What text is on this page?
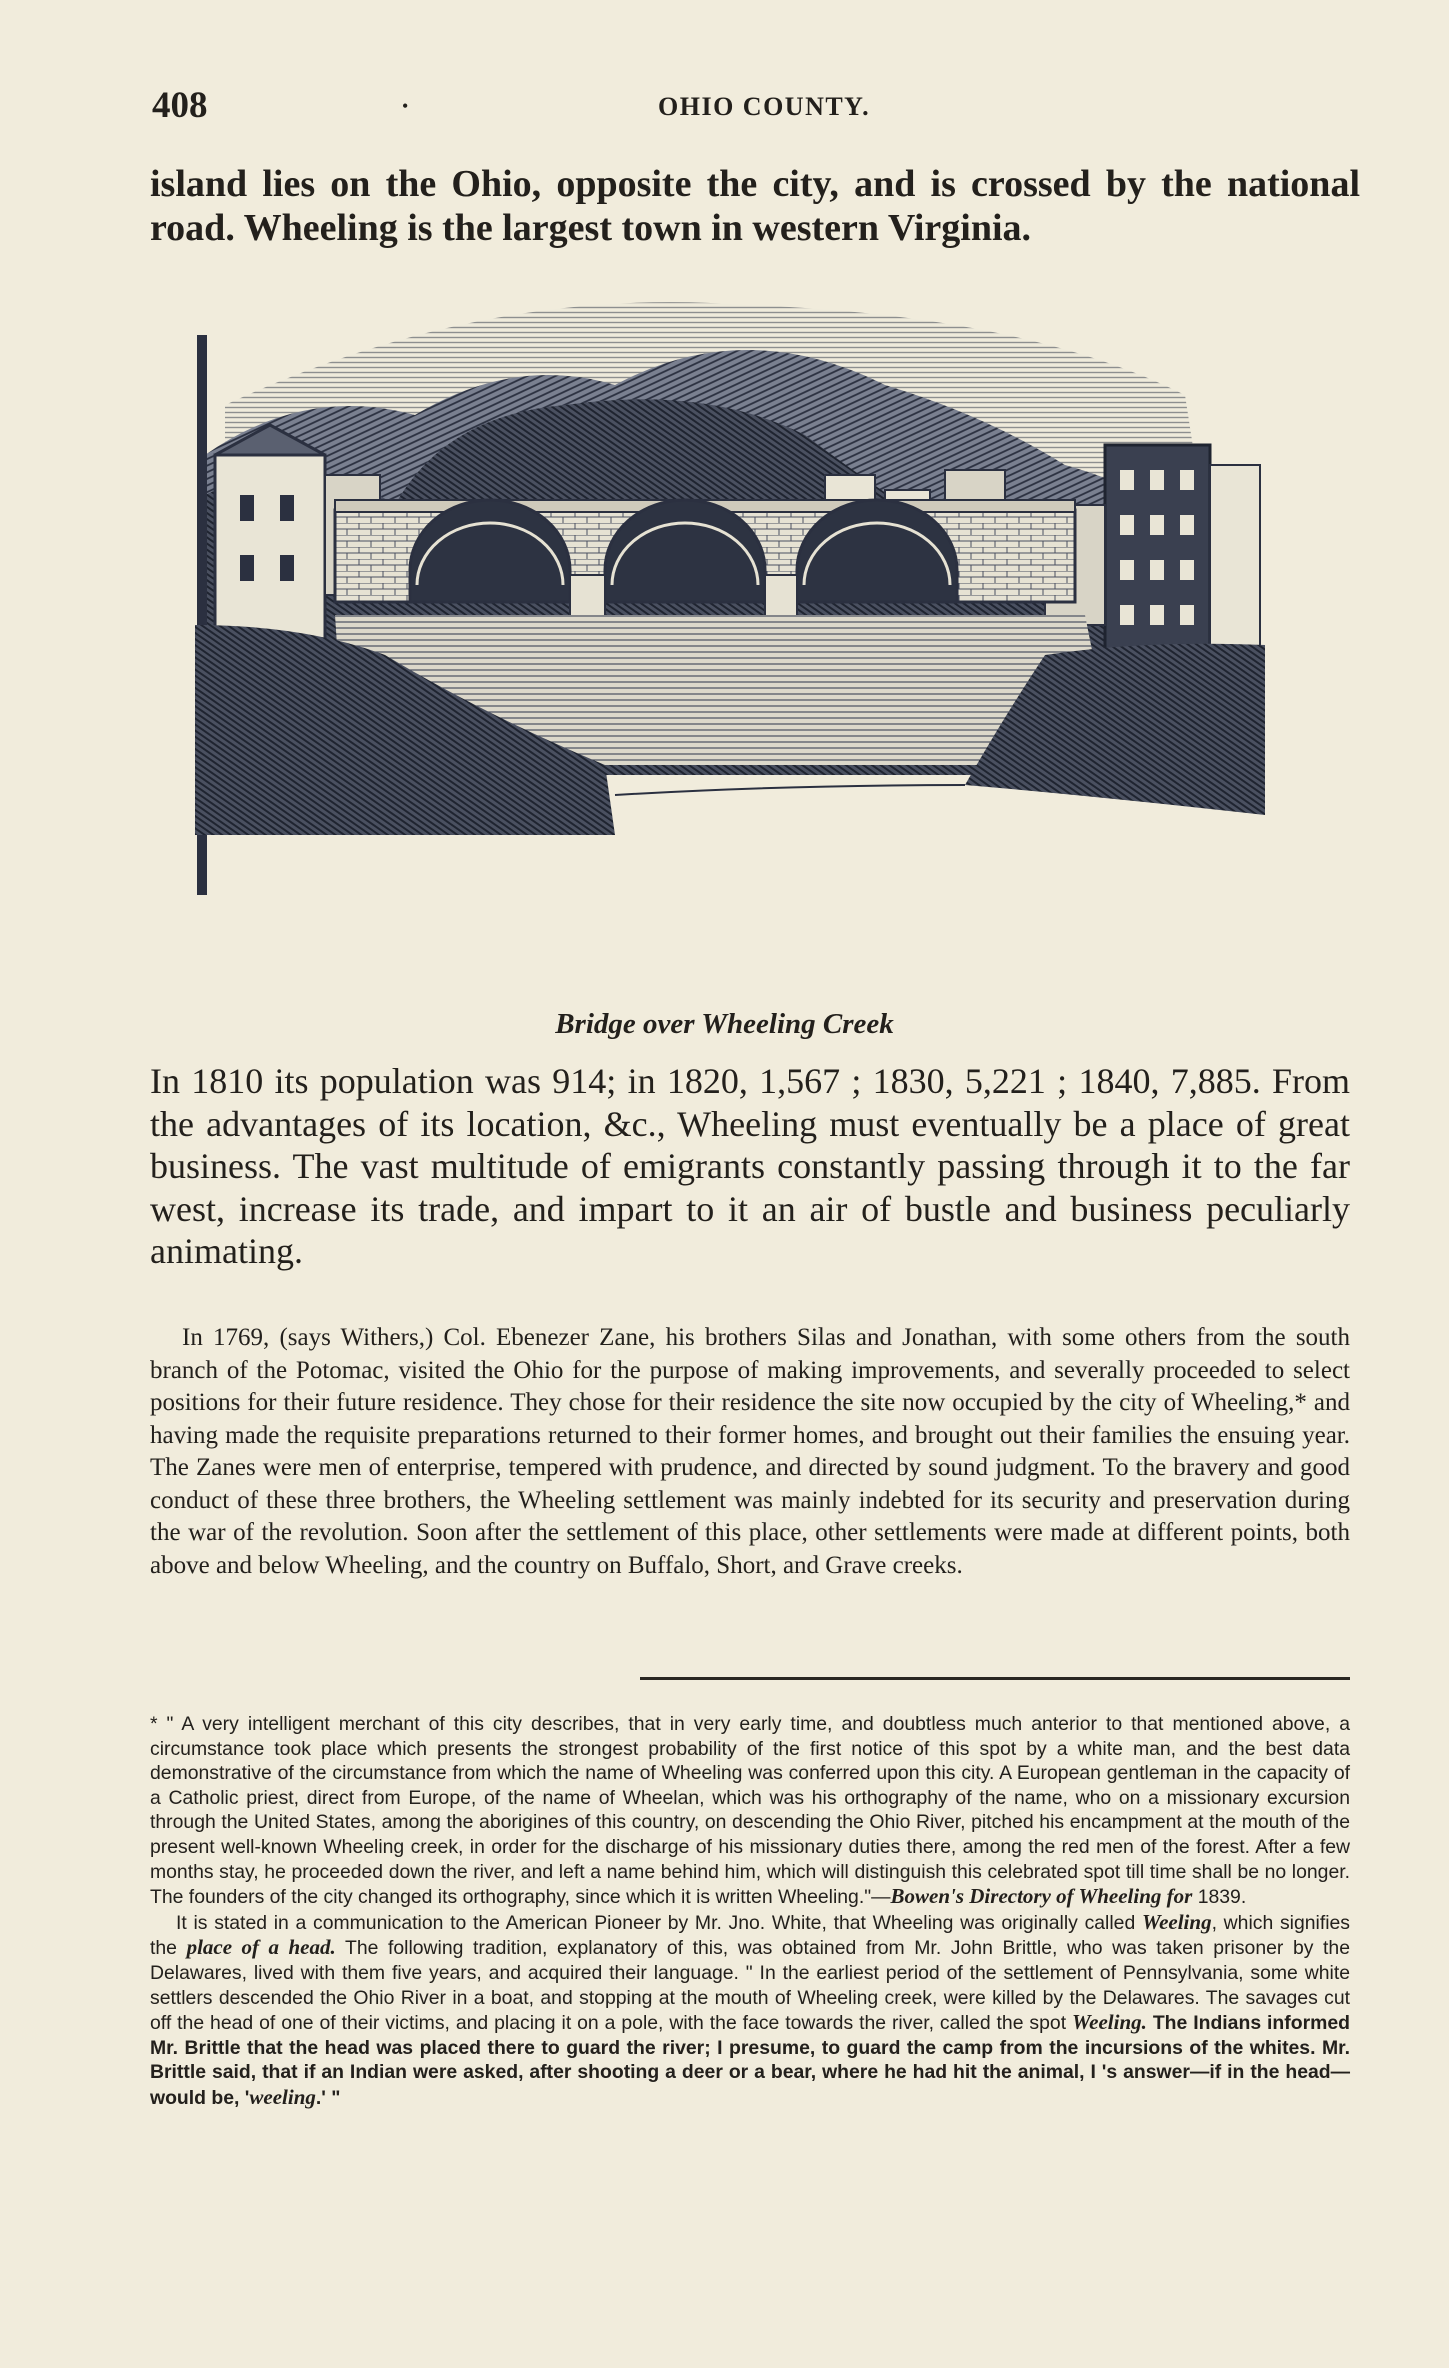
408	•	OHIO COUNTY.
island lies on the Ohio, opposite the city, and is crossed by the national road. Wheeling is the largest town in western Virginia.
Bridge over Wheeling Creek
In 1810 its population was 914; in 1820, 1,567 ; 1830, 5,221 ; 1840, 7,885. From the advantages of its location, &c., Wheeling must eventually be a place of great business. The vast multitude of emigrants constantly passing through it to the far west, increase its trade, and impart to it an air of bustle and business peculiarly animating.
In 1769, (says Withers,) Col. Ebenezer Zane, his brothers Silas and Jonathan, with some others from the south branch of the Potomac, visited the Ohio for the purpose of making improvements, and severally proceeded to select positions for their future residence. They chose for their residence the site now occupied by the city of Wheeling,* and having made the requisite preparations returned to their former homes, and brought out their families the ensuing year. The Zanes were men of enterprise, tempered with prudence, and directed by sound judgment. To the bravery and good conduct of these three brothers, the Wheeling settlement was mainly indebted for its security and preservation during the war of the revolution. Soon after the settlement of this place, other settlements were made at different points, both above and below Wheeling, and the country on Buffalo, Short, and Grave creeks.

* " A very intelligent merchant of this city describes, that in very early time, and doubtless much anterior to that mentioned above, a circumstance took place which presents the strongest probability of the first notice of this spot by a white man, and the best data demonstrative of the circumstance from which the name of Wheeling was conferred upon this city. A European gentleman in the capacity of a Catholic priest, direct from Europe, of the name of Wheelan, which was his orthography of the name, who on a missionary excursion through the United States, among the aborigines of this country, on descending the Ohio River, pitched his encampment at the mouth of the present well-known Wheeling creek, in order for the discharge of his missionary duties there, among the red men of the forest. After a few months stay, he proceeded down the river, and left a name behind him, which will distinguish this celebrated spot till time shall be no longer. The founders of the city changed its orthography, since which it is written Wheeling."—Bowen's Directory of Wheeling for 1839.

It is stated in a communication to the American Pioneer by Mr. Jno. White, that Wheeling was originally called Weeling, which signifies the place of a head. The following tradition, explanatory of this, was obtained from Mr. John Brittle, who was taken prisoner by the Delawares, lived with them five years, and acquired their language. " In the earliest period of the settlement of Pennsylvania, some white settlers descended the Ohio River in a boat, and stopping at the mouth of Wheeling creek, were killed by the Delawares. The savages cut off the head of one of their victims, and placing it on a pole, with the face towards the river, called the spot Weeling. The Indians informed Mr. Brittle that the head was placed there to guard the river; I presume, to guard the camp from the incursions of the whites. Mr. Brittle said, that if an Indian were asked, after shooting a deer or a bear, where he had hit the animal, I 's answer—if in the head—would be, 'weeling.' "
